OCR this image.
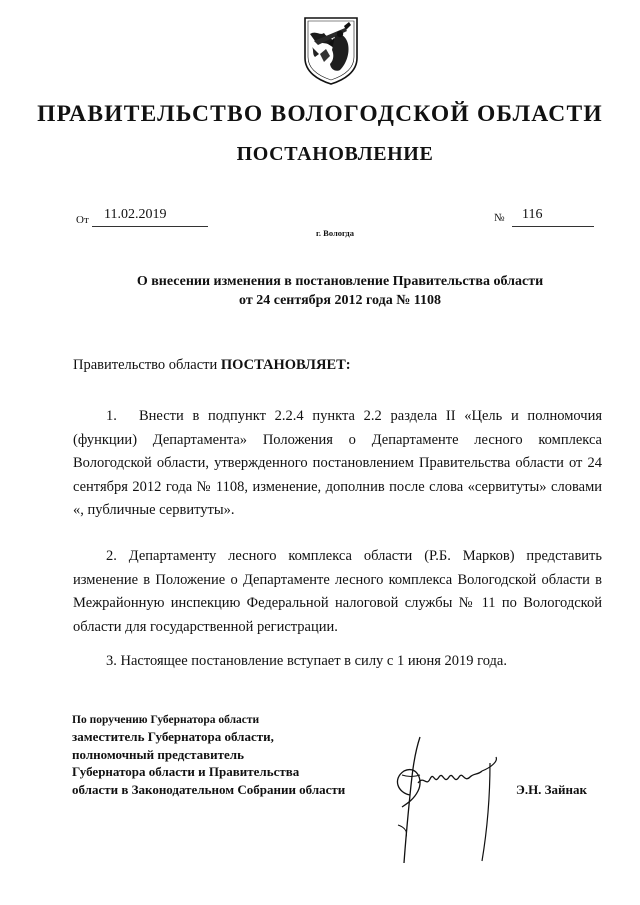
ПРАВИТЕЛЬСТВО ВОЛОГОДСКОЙ ОБЛАСТИ
ПОСТАНОВЛЕНИЕ
От 11.02.2019	№ 116
г. Вологда
О внесении изменения в постановление Правительства области
от 24 сентября 2012 года № 1108
Правительство области ПОСТАНОВЛЯЕТ:
1. Внести в подпункт 2.2.4 пункта 2.2 раздела II «Цель и полномочия (функции) Департамента» Положения о Департаменте лесного комплекса Вологодской области, утвержденного постановлением Правительства области от 24 сентября 2012 года № 1108, изменение, дополнив после слова «сервитуты» словами «, публичные сервитуты».
2. Департаменту лесного комплекса области (Р.Б. Марков) представить изменение в Положение о Департаменте лесного комплекса Вологодской области в Межрайонную инспекцию Федеральной налоговой службы № 11 по Вологодской области для государственной регистрации.
3. Настоящее постановление вступает в силу с 1 июня 2019 года.
По поручению Губернатора области
заместитель Губернатора области,
полномочный представитель
Губернатора области и Правительства
области в Законодательном Собрании области	Э.Н. Зайнак
